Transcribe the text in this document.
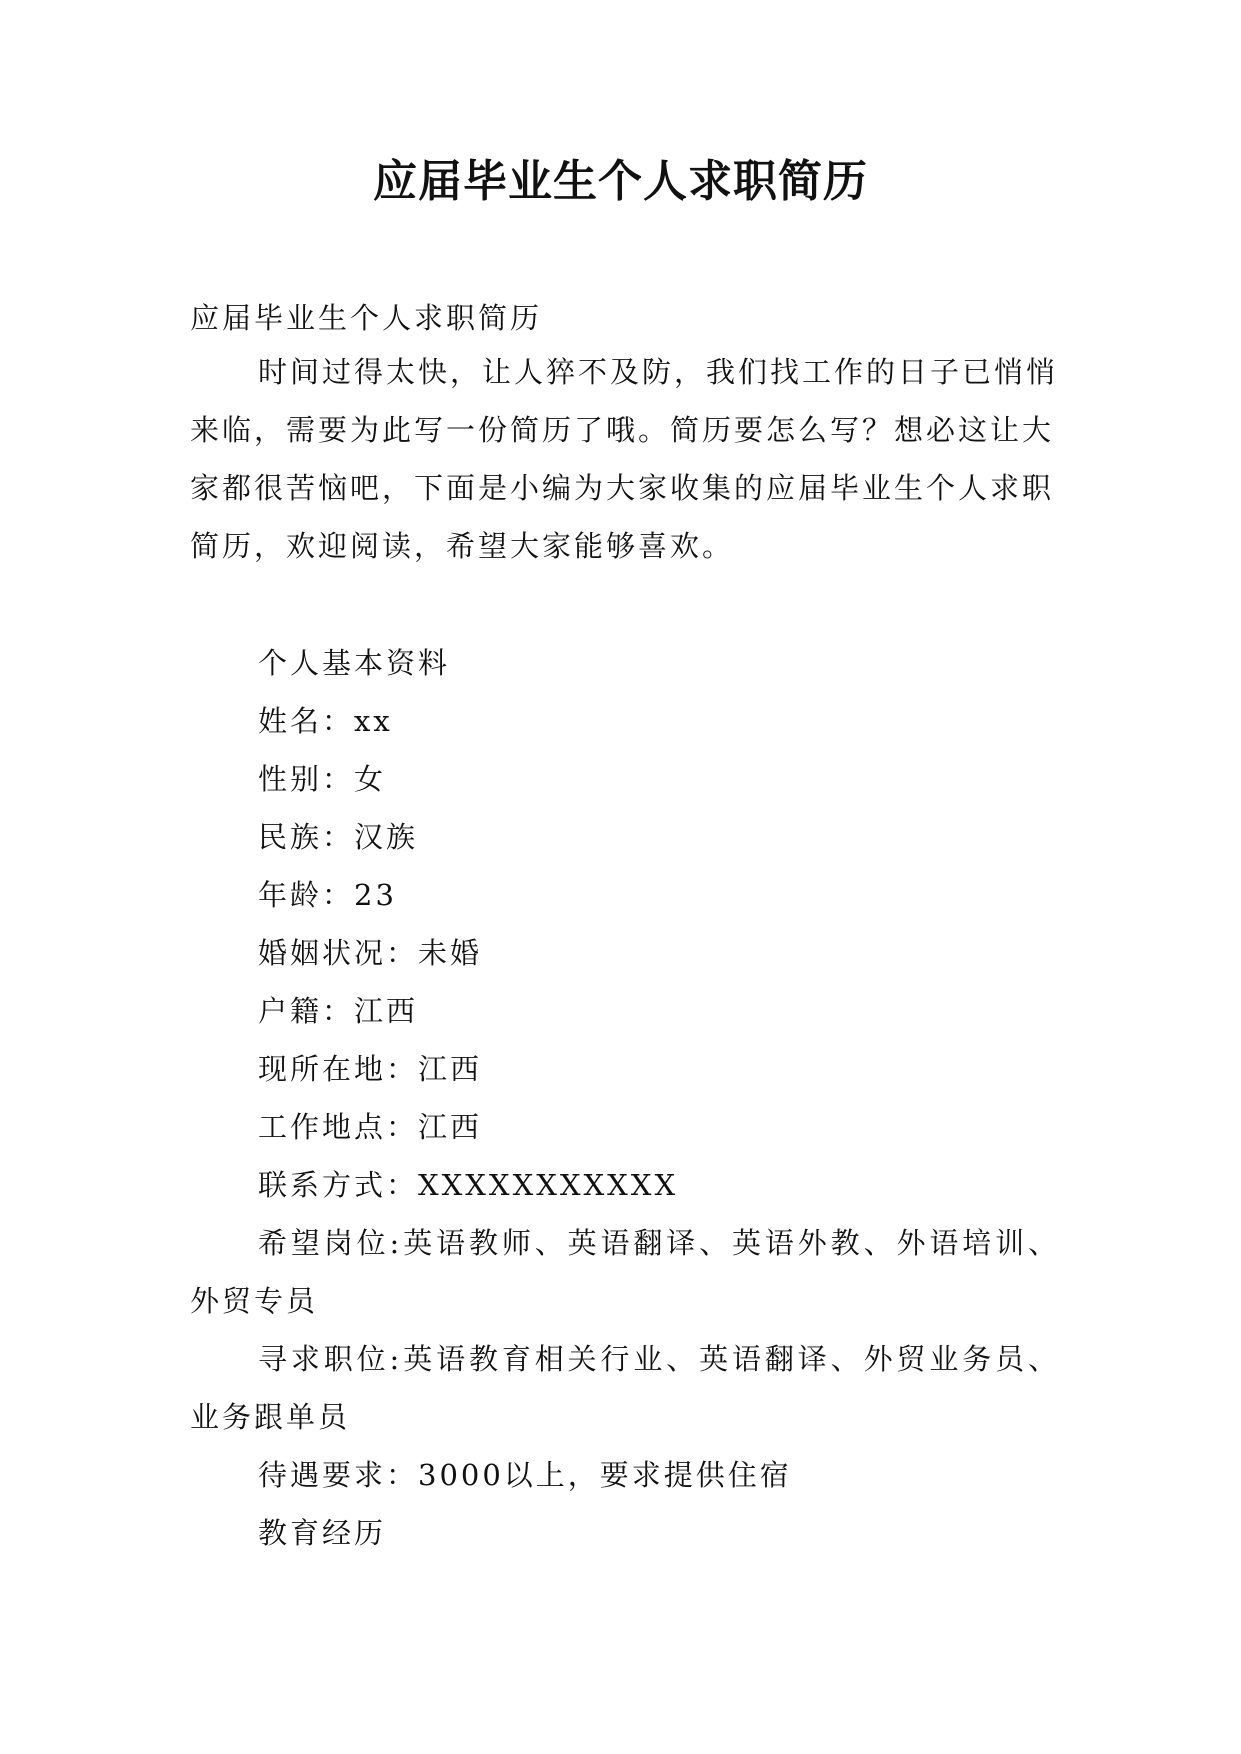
应届毕业生个人求职简历
应届毕业生个人求职简历

时间过得太快，让人猝不及防，我们找工作的日子已悄悄来临，需要为此写一份简历了哦。简历要怎么写？想必这让大家都很苦恼吧，下面是小编为大家收集的应届毕业生个人求职简历，欢迎阅读，希望大家能够喜欢。

个人基本资料
姓名：xx
性别：女
民族：汉族
年龄：23
婚姻状况：未婚
户籍：江西
现所在地：江西
工作地点：江西
联系方式：XXXXXXXXXXX
希望岗位:英语教师、英语翻译、英语外教、外语培训、外贸专员
寻求职位:英语教育相关行业、英语翻译、外贸业务员、业务跟单员
待遇要求：3000以上，要求提供住宿
教育经历
